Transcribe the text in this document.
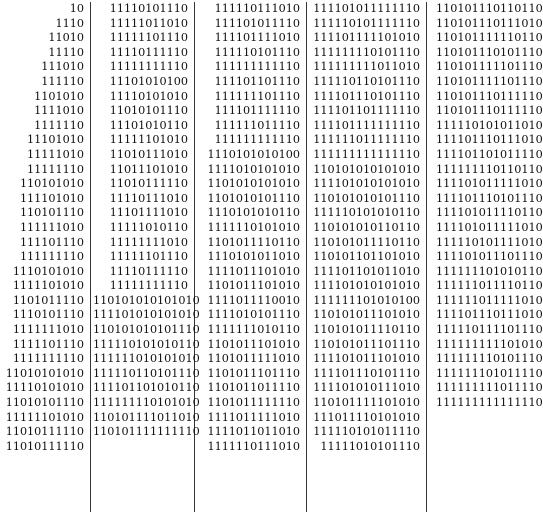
10
1110
11010
11110
111010
111110
1101010
1111010
1111110
11101010
11111010
11111110
110101010
111101010
110101110
111111010
111101110
111111110
1110101010
1111101010
1101011110
1110101110
1111111010
1111101110
1111111110
11010101010
11110101010
11010101110
11111101010
11010111110
11010111110
11110101110
11111011010
11111101110
11110111110
11111111110
11101010100
11110101010
11010101110
11101010110
11111101010
11010111010
11011101010
11010111110
11110111010
11101111010
11111010110
11111111010
11111101110
11110111110
11111111110
110101010101010
111101010101010
110101010101110
111110101010110
111111010101010
111110110101110
111101101010110
111111110101010
110101111011010
110101111111110
111110111010
111101011110
111101111010
111110101110
111111111110
111101101110
111111101110
111101111110
111111011110
111111111110
1110101010100
1111010101010
1101010101010
1101010101110
1110101010110
1111110101010
1101011110110
1110101011010
1111011101010
1101011101010
1111011110010
1111010101110
1111111010110
1101011101010
1101011111010
1101011101110
1101011011110
1101011111110
1111011111010
1111011011010
1111110111010
111101011111110
111110101111110
111101111101010
111111110101110
111111111011010
111110110101110
111101110101110
111101101111110
111101111111110
111111011111110
111111111111110
110101010101010
111101010101010
110101010101110
111110101010110
110101010110110
110101011110110
110101101101010
111101101011010
111101010101010
111111101010100
110101011101010
110101011110110
110101011101110
111101011101010
111101110101110
111101010111010
110101111101010
111011110101010
111110101011110
11111010101110
110101110110110
110101110111010
110101111110110
110101110101110
110101111101110
110101111101110
110101110111110
110101110111110
111110101011010
111101110111010
111101101011110
111111110110110
111101011111010
111101110101110
111101011110110
111101011111010
111110101111010
111101011101110
111111101010110
111111011110110
111111011111010
111101110111010
111110111101110
111111111101010
111111110101110
111111101011110
111111111011110
111111111111110
